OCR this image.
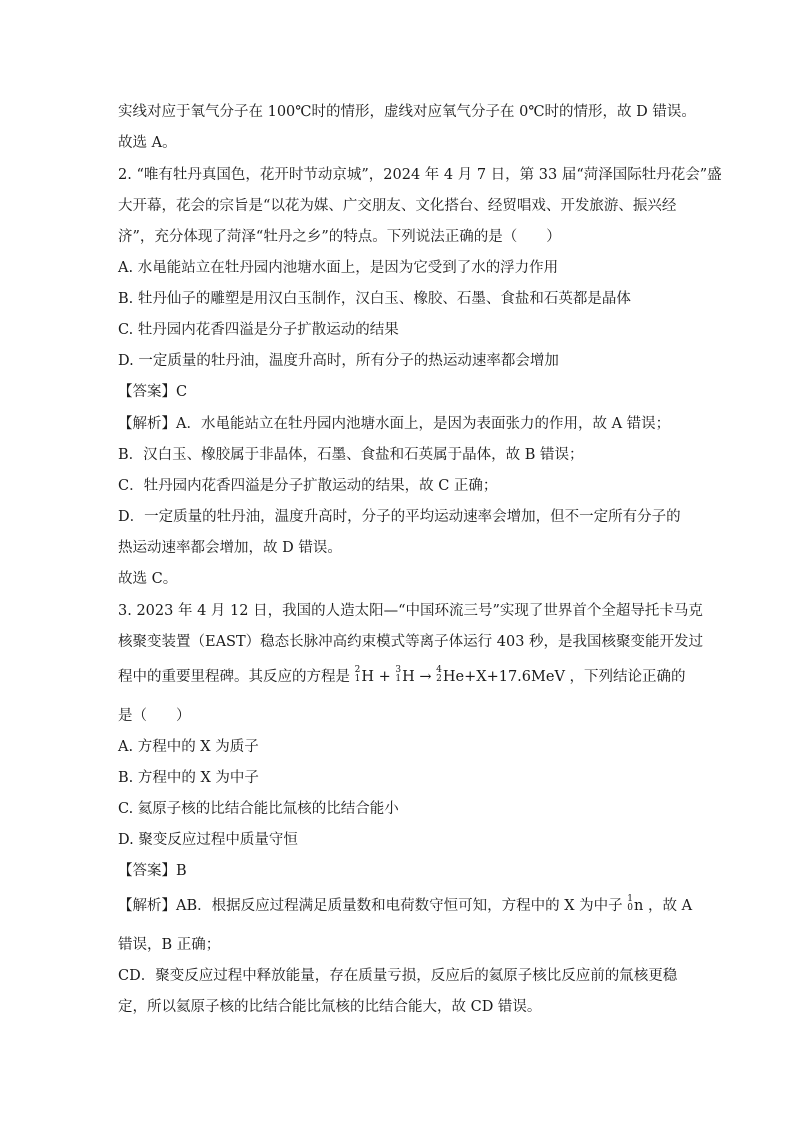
实线对应于氧气分子在 100℃时的情形，虚线对应氧气分子在 0℃时的情形，故 D 错误。
故选 A。
2. “唯有牡丹真国色，花开时节动京城”，2024 年 4 月 7 日，第 33 届“菏泽国际牡丹花会”盛
大开幕，花会的宗旨是“以花为媒、广交朋友、文化搭台、经贸唱戏、开发旅游、振兴经
济”，充分体现了菏泽“牡丹之乡”的特点。下列说法正确的是（　　）
A. 水黾能站立在牡丹园内池塘水面上，是因为它受到了水的浮力作用
B. 牡丹仙子的雕塑是用汉白玉制作，汉白玉、橡胶、石墨、食盐和石英都是晶体
C. 牡丹园内花香四溢是分子扩散运动的结果
D. 一定质量的牡丹油，温度升高时，所有分子的热运动速率都会增加
【答案】C
【解析】A．水黾能站立在牡丹园内池塘水面上，是因为表面张力的作用，故 A 错误；
B．汉白玉、橡胶属于非晶体，石墨、食盐和石英属于晶体，故 B 错误；
C．牡丹园内花香四溢是分子扩散运动的结果，故 C 正确；
D．一定质量的牡丹油，温度升高时，分子的平均运动速率会增加，但不一定所有分子的
热运动速率都会增加，故 D 错误。
故选 C。
3. 2023 年 4 月 12 日，我国的人造太阳—“中国环流三号”实现了世界首个全超导托卡马克
核聚变装置（EAST）稳态长脉冲高约束模式等离子体运行 403 秒，是我国核聚变能开发过
程中的重要里程碑。其反应的方程是 2
1 H + 3
1 H → 4
2 He+X+17.6MeV ，下列结论正确的
是（　　）
A. 方程中的 X 为质子
B. 方程中的 X 为中子
C. 氦原子核的比结合能比氚核的比结合能小
D. 聚变反应过程中质量守恒
【答案】B
【解析】AB．根据反应过程满足质量数和电荷数守恒可知，方程中的 X 为中子 1
0 n ，故 A
错误，B 正确；
CD．聚变反应过程中释放能量，存在质量亏损，反应后的氦原子核比反应前的氚核更稳
定，所以氦原子核的比结合能比氚核的比结合能大，故 CD 错误。
